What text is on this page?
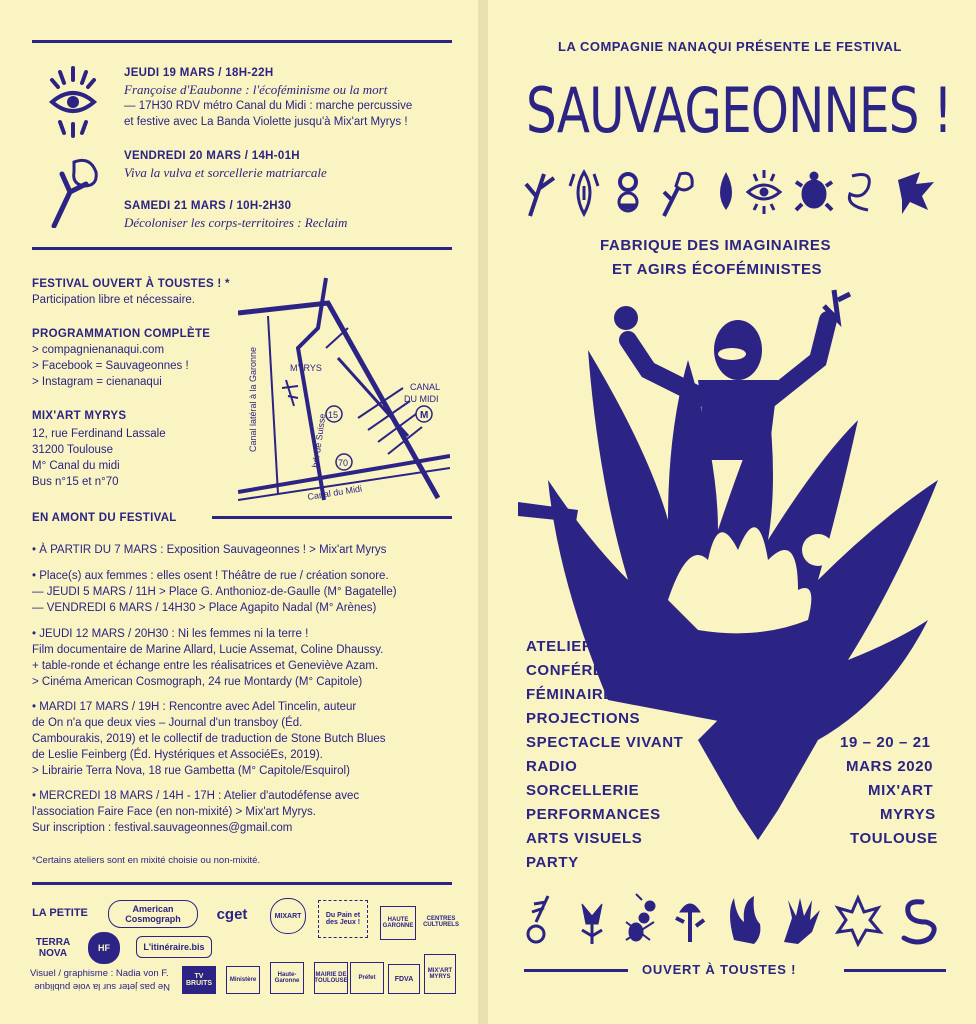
JEUDI 19 MARS / 18H-22H
Françoise d'Eaubonne : l'écoféminisme ou la mort
— 17H30 RDV métro Canal du Midi : marche percussive
et festive avec La Banda Violette jusqu'à Mix'art Myrys !
VENDREDI 20 MARS / 14H-01H
Viva la vulva et sorcellerie matriarcale
SAMEDI 21 MARS / 10H-2H30
Décoloniser les corps-territoires : Reclaim
FESTIVAL OUVERT À TOUSTES ! *
Participation libre et nécessaire.
PROGRAMMATION COMPLÈTE
> compagnienanaqui.com
> Facebook = Sauvageonnes !
> Instagram = cienanaqui
MIX'ART MYRYS
12, rue Ferdinand Lassale
31200 Toulouse
M° Canal du midi
Bus n°15 et n°70
MYRYS
Canal latéral à la Garonne	bd. de Suisse
CANAL
DU MIDI
M
15
70
Canal du Midi
EN AMONT DU FESTIVAL
• À PARTIR DU 7 MARS : Exposition Sauvageonnes ! > Mix'art Myrys
• Place(s) aux femmes : elles osent ! Théâtre de rue / création sonore.
— JEUDI 5 MARS / 11H > Place G. Anthonioz-de-Gaulle (M° Bagatelle)
— VENDREDI 6 MARS / 14H30 > Place Agapito Nadal (M° Arènes)
• JEUDI 12 MARS / 20H30 : Ni les femmes ni la terre !
Film documentaire de Marine Allard, Lucie Assemat, Coline Dhaussy.
+ table-ronde et échange entre les réalisatrices et Geneviève Azam.
> Cinéma American Cosmograph, 24 rue Montardy (M° Capitole)
• MARDI 17 MARS / 19H : Rencontre avec Adel Tincelin, auteur
de On n'a que deux vies – Journal d'un transboy (Éd.
Cambourakis, 2019) et le collectif de traduction de Stone Butch Blues
de Leslie Feinberg (Éd. Hystériques et AssociéEs, 2019).
> Librairie Terra Nova, 18 rue Gambetta (M° Capitole/Esquirol)
• MERCREDI 18 MARS / 14H - 17H : Atelier d'autodéfense avec
l'association Faire Face (en non-mixité) > Mix'art Myrys.
Sur inscription : festival.sauvageonnes@gmail.com
*Certains ateliers sont en mixité choisie ou non-mixité.
LA PETITE	American Cosmograph	cget	MIXART	Du Pain et des Jeux !	HAUTE GARONNE
CENTRES CULTURELS
TERRA NOVA	HF	L'itinéraire.bis
TV BRUITS	Ministère
Haute-Garonne
MAIRIE DE TOULOUSE	Préfet	FDVA
MIX'ART MYRYS
Visuel / graphisme : Nadia von F.
Ne pas jeter sur la voie publique
LA COMPAGNIE NANAQUI PRÉSENTE LE FESTIVAL
SAUVAGEONNES !
FABRIQUE DES IMAGINAIRES
ET AGIRS ÉCOFÉMINISTES
ATELIERS
CONFÉRENCES
FÉMINAIRES
PROJECTIONS
SPECTACLE VIVANT
RADIO
SORCELLERIE
PERFORMANCES
ARTS VISUELS
PARTY
19 – 20 – 21
MARS 2020
MIX'ART
MYRYS
TOULOUSE
OUVERT À TOUSTES !
